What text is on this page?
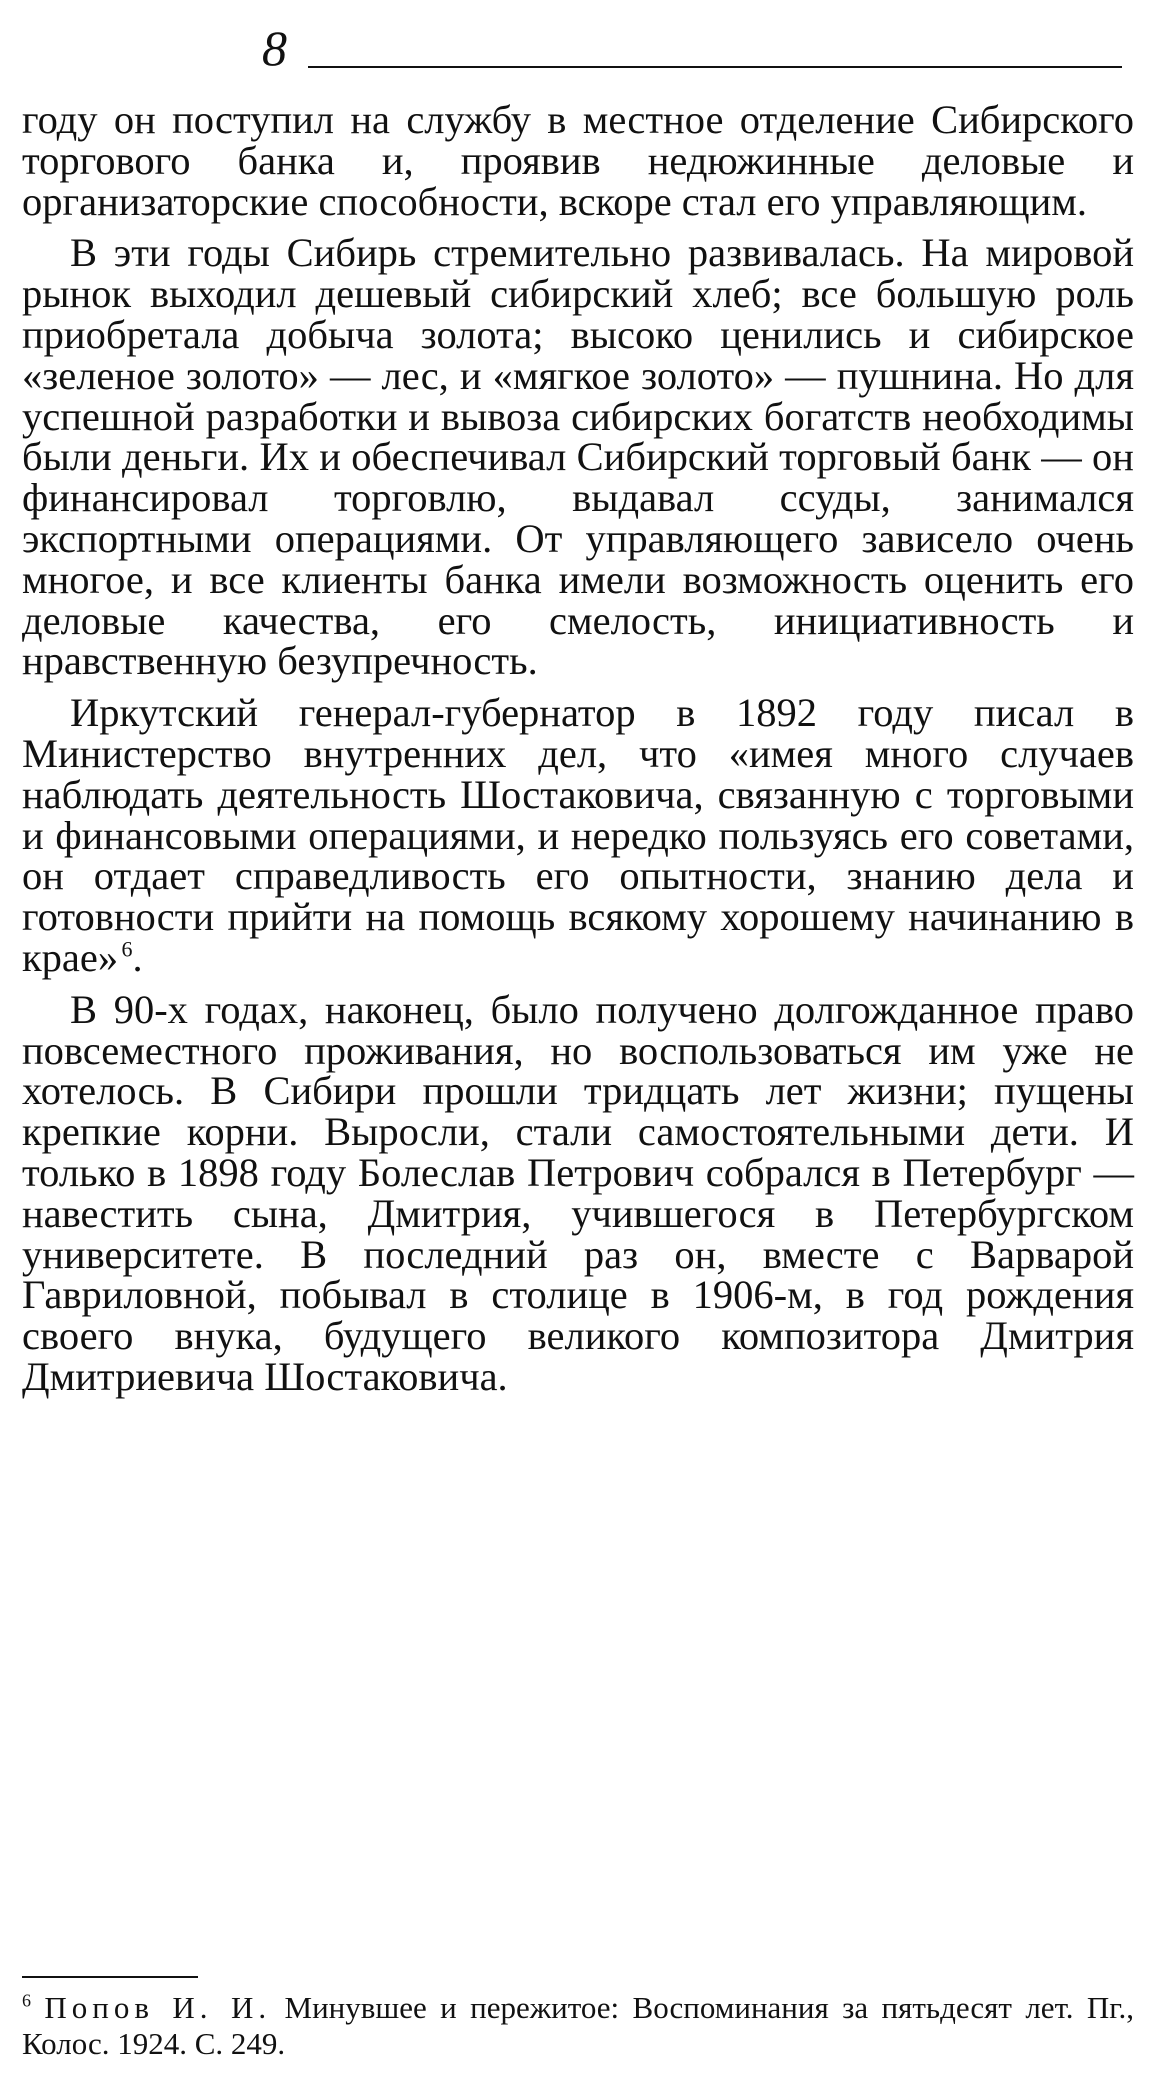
8

году он поступил на службу в местное отделение Сибирского торгового банка и, проявив недюжинные деловые и организаторские способности, вскоре стал его управляющим.

В эти годы Сибирь стремительно развивалась. На мировой рынок выходил дешевый сибирский хлеб; все большую роль приобретала добыча золота; высоко ценились и сибирское «зеленое золото» — лес, и «мягкое золото» — пушнина. Но для успешной разработки и вывоза сибирских богатств необходимы были деньги. Их и обеспечивал Сибирский торговый банк — он финансировал торговлю, выдавал ссуды, занимался экспортными операциями. От управляющего зависело очень многое, и все клиенты банка имели возможность оценить его деловые качества, его смелость, инициативность и нравственную безупречность.

Иркутский генерал-губернатор в 1892 году писал в Министерство внутренних дел, что «имея много случаев наблюдать деятельность Шостаковича, связанную с торговыми и финансовыми операциями, и нередко пользуясь его советами, он отдает справедливость его опытности, знанию дела и готовности прийти на помощь всякому хорошему начинанию в крае»  $^6$.

В 90-х годах, наконец, было получено долгожданное право повсеместного проживания, но воспользоваться им уже не хотелось. В Сибири прошли тридцать лет жизни; пущены крепкие корни. Выросли, стали самостоятельными дети. И только в 1898 году Болеслав Петрович собрался в Петербург — навестить сына, Дмитрия, учившегося в Петербургском университете. В последний раз он, вместе с Варварой Гавриловной, побывал в столице в 1906-м, в год рождения своего внука, будущего великого композитора Дмитрия Дмитриевича Шостаковича.

$^6$ Попов И. И. Минувшее и пережитое: Воспоминания за пятьдесят лет. Пг., Колос. 1924. С. 249.
